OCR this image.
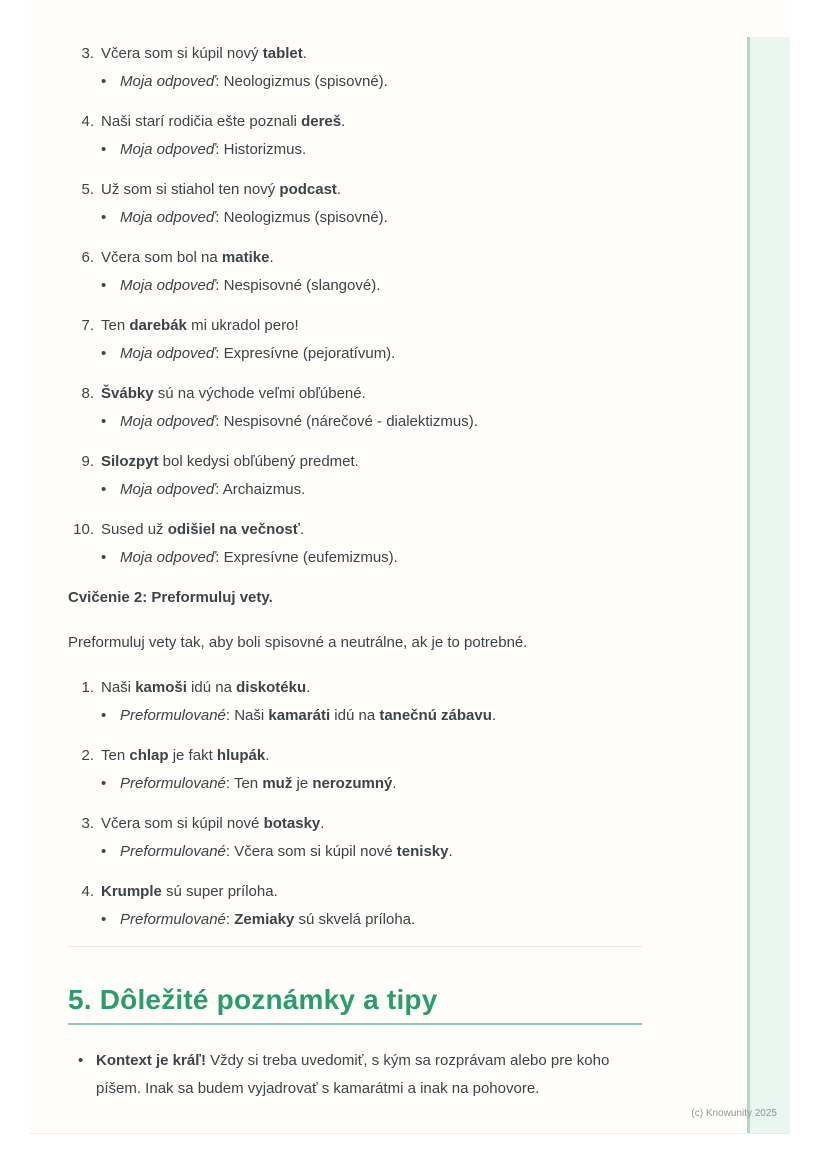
3. Včera som si kúpil nový tablet.
• Moja odpoveď: Neologizmus (spisovné).
4. Naši starí rodičia ešte poznali dereš.
• Moja odpoveď: Historizmus.
5. Už som si stiahol ten nový podcast.
• Moja odpoveď: Neologizmus (spisovné).
6. Včera som bol na matike.
• Moja odpoveď: Nespisovné (slangové).
7. Ten darebák mi ukradol pero!
• Moja odpoveď: Expresívne (pejoratívum).
8. Švábky sú na východe veľmi obľúbené.
• Moja odpoveď: Nespisovné (nárečové - dialektizmus).
9. Silozpyt bol kedysi obľúbený predmet.
• Moja odpoveď: Archaizmus.
10. Sused už odišiel na večnosť.
• Moja odpoveď: Expresívne (eufemizmus).
Cvičenie 2: Preformuluj vety.
Preformuluj vety tak, aby boli spisovné a neutrálne, ak je to potrebné.
1. Naši kamoši idú na diskotéku.
• Preformulované: Naši kamaráti idú na tanečnú zábavu.
2. Ten chlap je fakt hlupák.
• Preformulované: Ten muž je nerozumný.
3. Včera som si kúpil nové botasky.
• Preformulované: Včera som si kúpil nové tenisky.
4. Krumple sú super príloha.
• Preformulované: Zemiaky sú skvelá príloha.
5. Dôležité poznámky a tipy
• Kontext je kráľ! Vždy si treba uvedomiť, s kým sa rozprávam alebo pre koho píšem. Inak sa budem vyjadrovať s kamarátmi a inak na pohovore.
(c) Knowunity 2025
